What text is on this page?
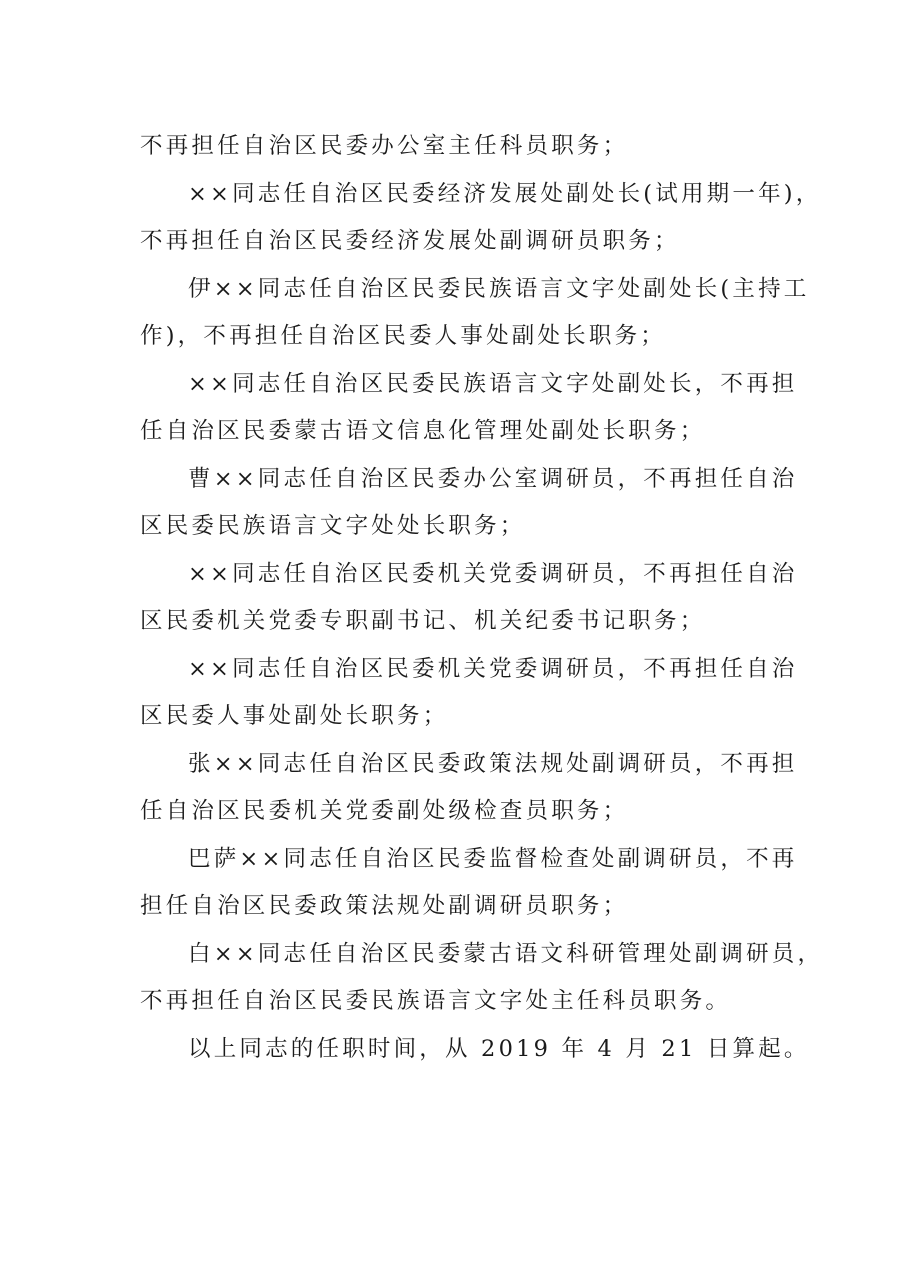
不再担任自治区民委办公室主任科员职务；
××同志任自治区民委经济发展处副处长(试用期一年)，
不再担任自治区民委经济发展处副调研员职务；
伊××同志任自治区民委民族语言文字处副处长(主持工
作)，不再担任自治区民委人事处副处长职务；
××同志任自治区民委民族语言文字处副处长，不再担
任自治区民委蒙古语文信息化管理处副处长职务；
曹××同志任自治区民委办公室调研员，不再担任自治
区民委民族语言文字处处长职务；
××同志任自治区民委机关党委调研员，不再担任自治
区民委机关党委专职副书记、机关纪委书记职务；
××同志任自治区民委机关党委调研员，不再担任自治
区民委人事处副处长职务；
张××同志任自治区民委政策法规处副调研员，不再担
任自治区民委机关党委副处级检查员职务；
巴萨××同志任自治区民委监督检查处副调研员，不再
担任自治区民委政策法规处副调研员职务；
白××同志任自治区民委蒙古语文科研管理处副调研员，
不再担任自治区民委民族语言文字处主任科员职务。
以上同志的任职时间，从 2019 年 4 月 21 日算起。
